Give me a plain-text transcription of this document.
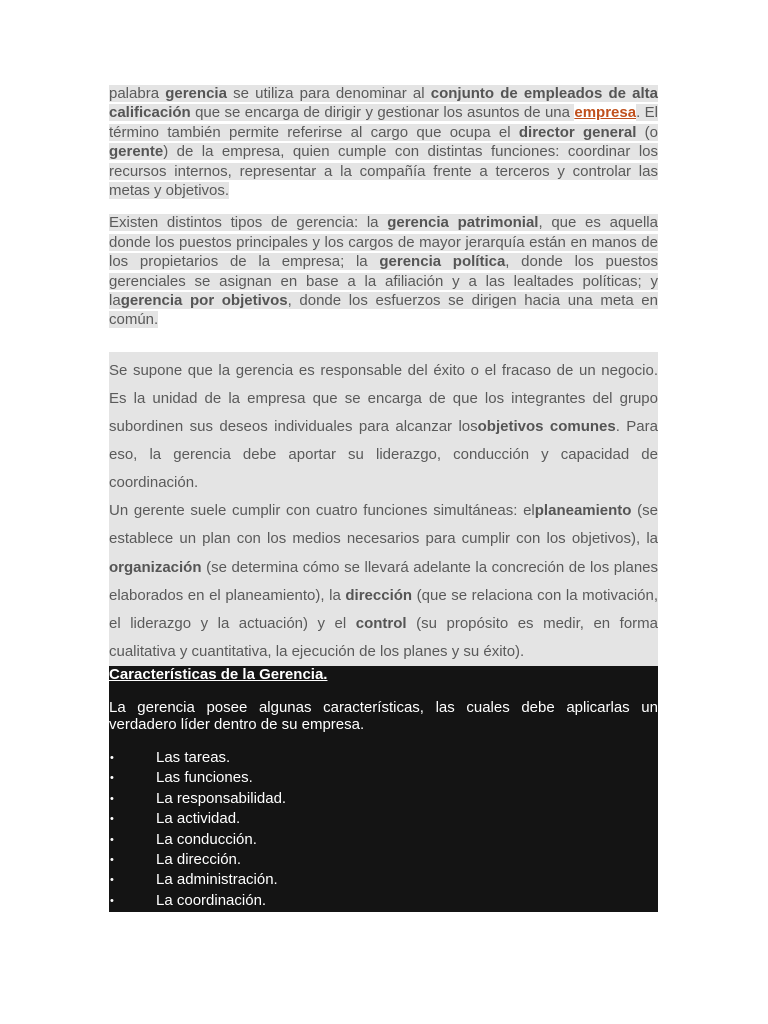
palabra gerencia se utiliza para denominar al conjunto de empleados de alta calificación que se encarga de dirigir y gestionar los asuntos de una empresa. El término también permite referirse al cargo que ocupa el director general (o gerente) de la empresa, quien cumple con distintas funciones: coordinar los recursos internos, representar a la compañía frente a terceros y controlar las metas y objetivos.

Existen distintos tipos de gerencia: la gerencia patrimonial, que es aquella donde los puestos principales y los cargos de mayor jerarquía están en manos de los propietarios de la empresa; la gerencia política, donde los puestos gerenciales se asignan en base a la afiliación y a las lealtades políticas; y lagerencia por objetivos, donde los esfuerzos se dirigen hacia una meta en común.

Se supone que la gerencia es responsable del éxito o el fracaso de un negocio. Es la unidad de la empresa que se encarga de que los integrantes del grupo subordinen sus deseos individuales para alcanzar losobjetivos comunes. Para eso, la gerencia debe aportar su liderazgo, conducción y capacidad de coordinación.

Un gerente suele cumplir con cuatro funciones simultáneas: elplaneamiento (se establece un plan con los medios necesarios para cumplir con los objetivos), la organización (se determina cómo se llevará adelante la concreción de los planes elaborados en el planeamiento), la dirección (que se relaciona con la motivación, el liderazgo y la actuación) y el control (su propósito es medir, en forma cualitativa y cuantitativa, la ejecución de los planes y su éxito).

Características de la Gerencia.

La gerencia posee algunas características, las cuales debe aplicarlas un verdadero líder dentro de su empresa.

•	Las tareas.
•	Las funciones.
•	La responsabilidad.
•	La actividad.
•	La conducción.
•	La dirección.
•	La administración.
•	La coordinación.
